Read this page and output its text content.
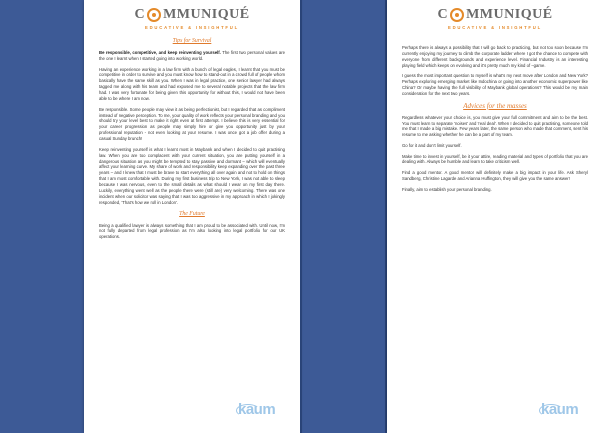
C MMUNIQUÉ
EDUCATIVE & INSIGHTFUL
Tips for Survival

Be responsible, competitive, and keep reinventing yourself. The first two personal values are the one I learnt when I started going into working world.

Having an experience working in a law firm with a bunch of legal eagles, I learnt that you must be competitive in order to survive and you must know how to stand-out in a crowd full of people whom basically have the same skill as you. When I was in legal practice, one senior lawyer had always tagged me along with his team and had exposed me to several notable projects that the law firm had. I was very fortunate for being given this opportunity for without this, I would not have been able to be where I am now.

Be responsible. Some people may view it as being perfectionist, but I regarded that as compliment instead of negative perception. To me, your quality of work reflects your personal branding and you should try your level best to make it right even at first attempt. I believe this is very essential for your career progression as people may simply hire or give you opportunity just by your professional reputation - not even looking at your resume. I was once got a job offer during a casual Sunday brunch!

Keep reinventing yourself is what I learnt most in Maybank and when I decided to quit practising law. When you are too complacent with your current situation, you are putting yourself in a dangerous situation as you might be tempted to stay passive and dormant – which will eventually affect your learning curve. My share of work and responsibility keep expanding over the past three years – and I knew that I must be brave to start everything all over again and not to hold on things that I am most comfortable with. During my first business trip to New York, I was not able to sleep because I was nervous, even to the small details as what should I wear on my first day there. Luckily, everything went well as the people there were (still are) very welcoming. There was one incident when our solicitor was saying that I was too aggressive in my approach in which I jokingly responded, 'That's how we roll in London'.

The Future

Being a qualified lawyer is always something that I am proud to be associated with. Until now, I'm not fully departed from legal profession as I'm also looking into legal portfolio for our UK operations.

kaum
C MMUNIQUÉ
EDUCATIVE & INSIGHTFUL

Perhaps there is always a possibility that I will go back to practicing, but not too soon because I'm currently enjoying my journey to climb the corporate ladder where I got the chance to compete with everyone from different backgrounds and experience level. Financial Industry is an interesting playing field which keeps on evolving and it's pretty much my kind of –game.

I guess the most important question to myself is what's my next move after London and New York? Perhaps exploring emerging market like Indochina or going into another economic superpower like China? Or maybe having the full visibility of Maybank global operations? This would be my main consideration for the next two years.

Advices for the masses

Regardless whatever your choice is, you must give your full commitment and aim to be the best. You must learn to separate 'noises' and 'real deal'. When I decided to quit practising, someone told me that I made a big mistake. Few years later, the same person who made that comment, sent his resume to me asking whether he can be a part of my team.

Go for it and don't limit yourself.

Make time to invest in yourself, be it your attire, reading material and types of portfolio that you are dealing with. Always be humble and learn to take criticism well.

Find a good mentor. A good mentor will definitely make a big impact in your life. Ask Sheryl Sandberg, Christine Lagarde and Arianna Huffington, they will give you the same answer!

Finally, aim to establish your personal branding.

kaum
